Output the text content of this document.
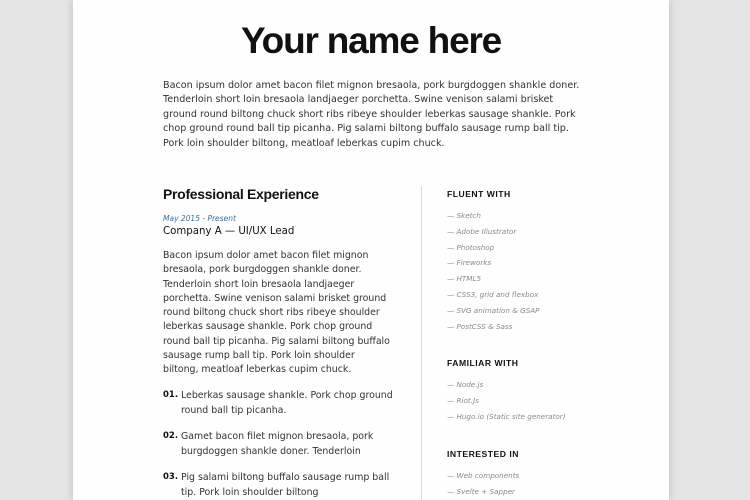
Your name here

Bacon ipsum dolor amet bacon filet mignon bresaola, pork burgdoggen shankle doner. Tenderloin short loin bresaola landjaeger porchetta. Swine venison salami brisket ground round biltong chuck short ribs ribeye shoulder leberkas sausage shankle. Pork chop ground round ball tip picanha. Pig salami biltong buffalo sausage rump ball tip. Pork loin shoulder biltong, meatloaf leberkas cupim chuck.

Professional Experience

May 2015 - Present

Company A — UI/UX Lead

Bacon ipsum dolor amet bacon filet mignon bresaola, pork burgdoggen shankle doner. Tenderloin short loin bresaola landjaeger porchetta. Swine venison salami brisket ground round biltong chuck short ribs ribeye shoulder leberkas sausage shankle. Pork chop ground round ball tip picanha. Pig salami biltong buffalo sausage rump ball tip. Pork loin shoulder biltong, meatloaf leberkas cupim chuck.

01. Leberkas sausage shankle. Pork chop ground round ball tip picanha.
02. Gamet bacon filet mignon bresaola, pork burgdoggen shankle doner. Tenderloin
03. Pig salami biltong buffalo sausage rump ball tip. Pork loin shoulder biltong
FLUENT WITH
— Sketch
— Adobe Illustrator
— Photoshop
— Fireworks
— HTML5
— CSS3, grid and flexbox
— SVG animation & GSAP
— PostCSS & Sass
FAMILIAR WITH
— Node.js
— Riot.Js
— Hugo.io (Static site generator)
INTERESTED IN
— Web components
— Svelte + Sapper
